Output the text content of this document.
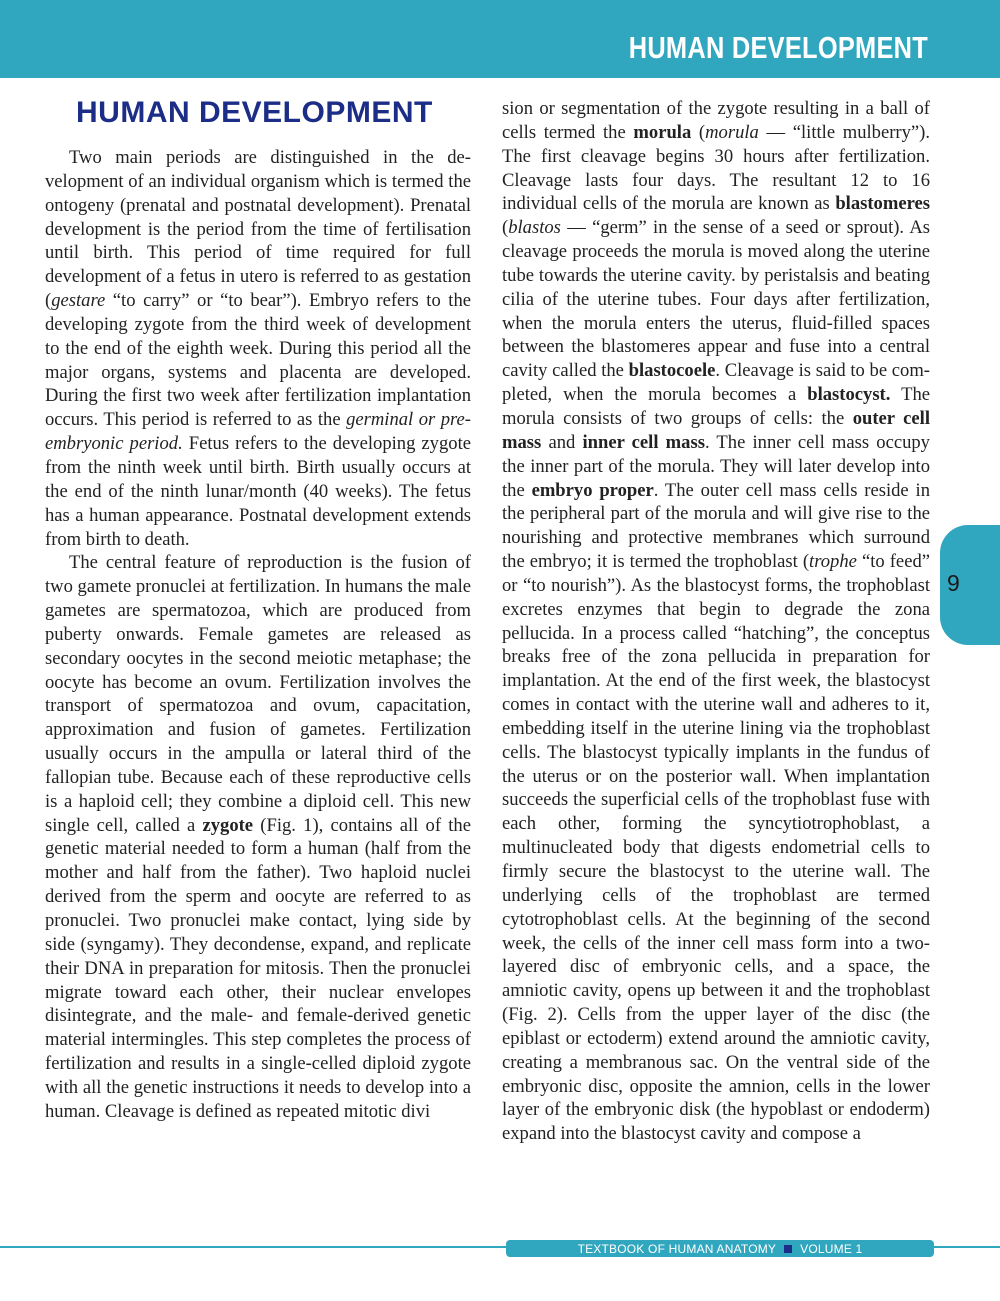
HUMAN DEVELOPMENT
HUMAN DEVELOPMENT

Two main periods are distinguished in the development of an individual organism which is termed the ontogeny (prenatal and postnatal development). Prenatal development is the period from the time of fertilisation until birth. This period of time required for full development of a fetus in utero is referred to as gestation (gestare “to carry” or “to bear”). Embryo refers to the developing zygote from the third week of development to the end of the eighth week. During this period all the major organs, systems and placenta are developed. During the first two week after fertilization implantation occurs. This period is referred to as the germinal or pre-embryonic period. Fetus refers to the developing zygote from the ninth week until birth. Birth usually occurs at the end of the ninth lunar/month (40 weeks). The fetus has a human appearance. Postnatal development extends from birth to death.

The central feature of reproduction is the fusion of two gamete pronuclei at fertilization. In humans the male gametes are spermatozoa, which are produced from puberty onwards. Female gametes are released as secondary oocytes in the second meiotic metaphase; the oocyte has become an ovum. Fertilization involves the transport of spermatozoa and ovum, capacitation, approximation and fusion of gametes. Fertilization usually occurs in the ampulla or lateral third of the fallopian tube. Because each of these reproductive cells is a haploid cell; they combine a diploid cell. This new single cell, called a zygote (Fig. 1), contains all of the genetic material needed to form a human (half from the mother and half from the father). Two haploid nuclei derived from the sperm and oocyte are referred to as pronuclei. Two pronuclei make contact, lying side by side (syngamy). They decondense, expand, and replicate their DNA in preparation for mitosis. Then the pronuclei migrate toward each other, their nuclear envelopes disintegrate, and the male- and female-derived genetic material intermingles. This step completes the process of fertilization and results in a single-celled diploid zygote with all the genetic instructions it needs to develop into a human. Cleavage is defined as repeated mitotic divi

sion or segmentation of the zygote resulting in a ball of cells termed the morula (morula — “little mulberry”). The first cleavage begins 30 hours after fertilization. Cleavage lasts four days. The resultant 12 to 16 individual cells of the morula are known as blastomeres (blastos — “germ” in the sense of a seed or sprout). As cleavage proceeds the morula is moved along the uterine tube towards the uterine cavity. by peristalsis and beating cilia of the uterine tubes. Four days after fertilization, when the morula enters the uterus, fluid-filled spaces between the blastomeres appear and fuse into a central cavity called the blastocoele. Cleavage is said to be completed, when the morula becomes a blastocyst. The morula consists of two groups of cells: the outer cell mass and inner cell mass. The inner cell mass occupy the inner part of the morula. They will later develop into the embryo proper. The outer cell mass cells reside in the peripheral part of the morula and will give rise to the nourishing and protective membranes which surround the embryo; it is termed the trophoblast (trophe “to feed” or “to nourish”). As the blastocyst forms, the trophoblast excretes enzymes that begin to degrade the zona pellucida. In a process called “hatching”, the conceptus breaks free of the zona pellucida in preparation for implantation. At the end of the first week, the blastocyst comes in contact with the uterine wall and adheres to it, embedding itself in the uterine lining via the trophoblast cells. The blastocyst typically implants in the fundus of the uterus or on the posterior wall. When implantation succeeds the superficial cells of the trophoblast fuse with each other, forming the syncytiotrophoblast, a multinucleated body that digests endometrial cells to firmly secure the blastocyst to the uterine wall. The underlying cells of the trophoblast are termed cytotrophoblast cells. At the beginning of the second week, the cells of the inner cell mass form into a two-layered disc of embryonic cells, and a space, the amniotic cavity, opens up between it and the trophoblast (Fig. 2). Cells from the upper layer of the disc (the epiblast or ectoderm) extend around the amniotic cavity, creating a membranous sac. On the ventral side of the embryonic disc, opposite the amnion, cells in the lower layer of the embryonic disk (the hypoblast or endoderm) expand into the blastocyst cavity and compose a

9
TEXTBOOK OF HUMAN ANATOMY VOLUME 1
